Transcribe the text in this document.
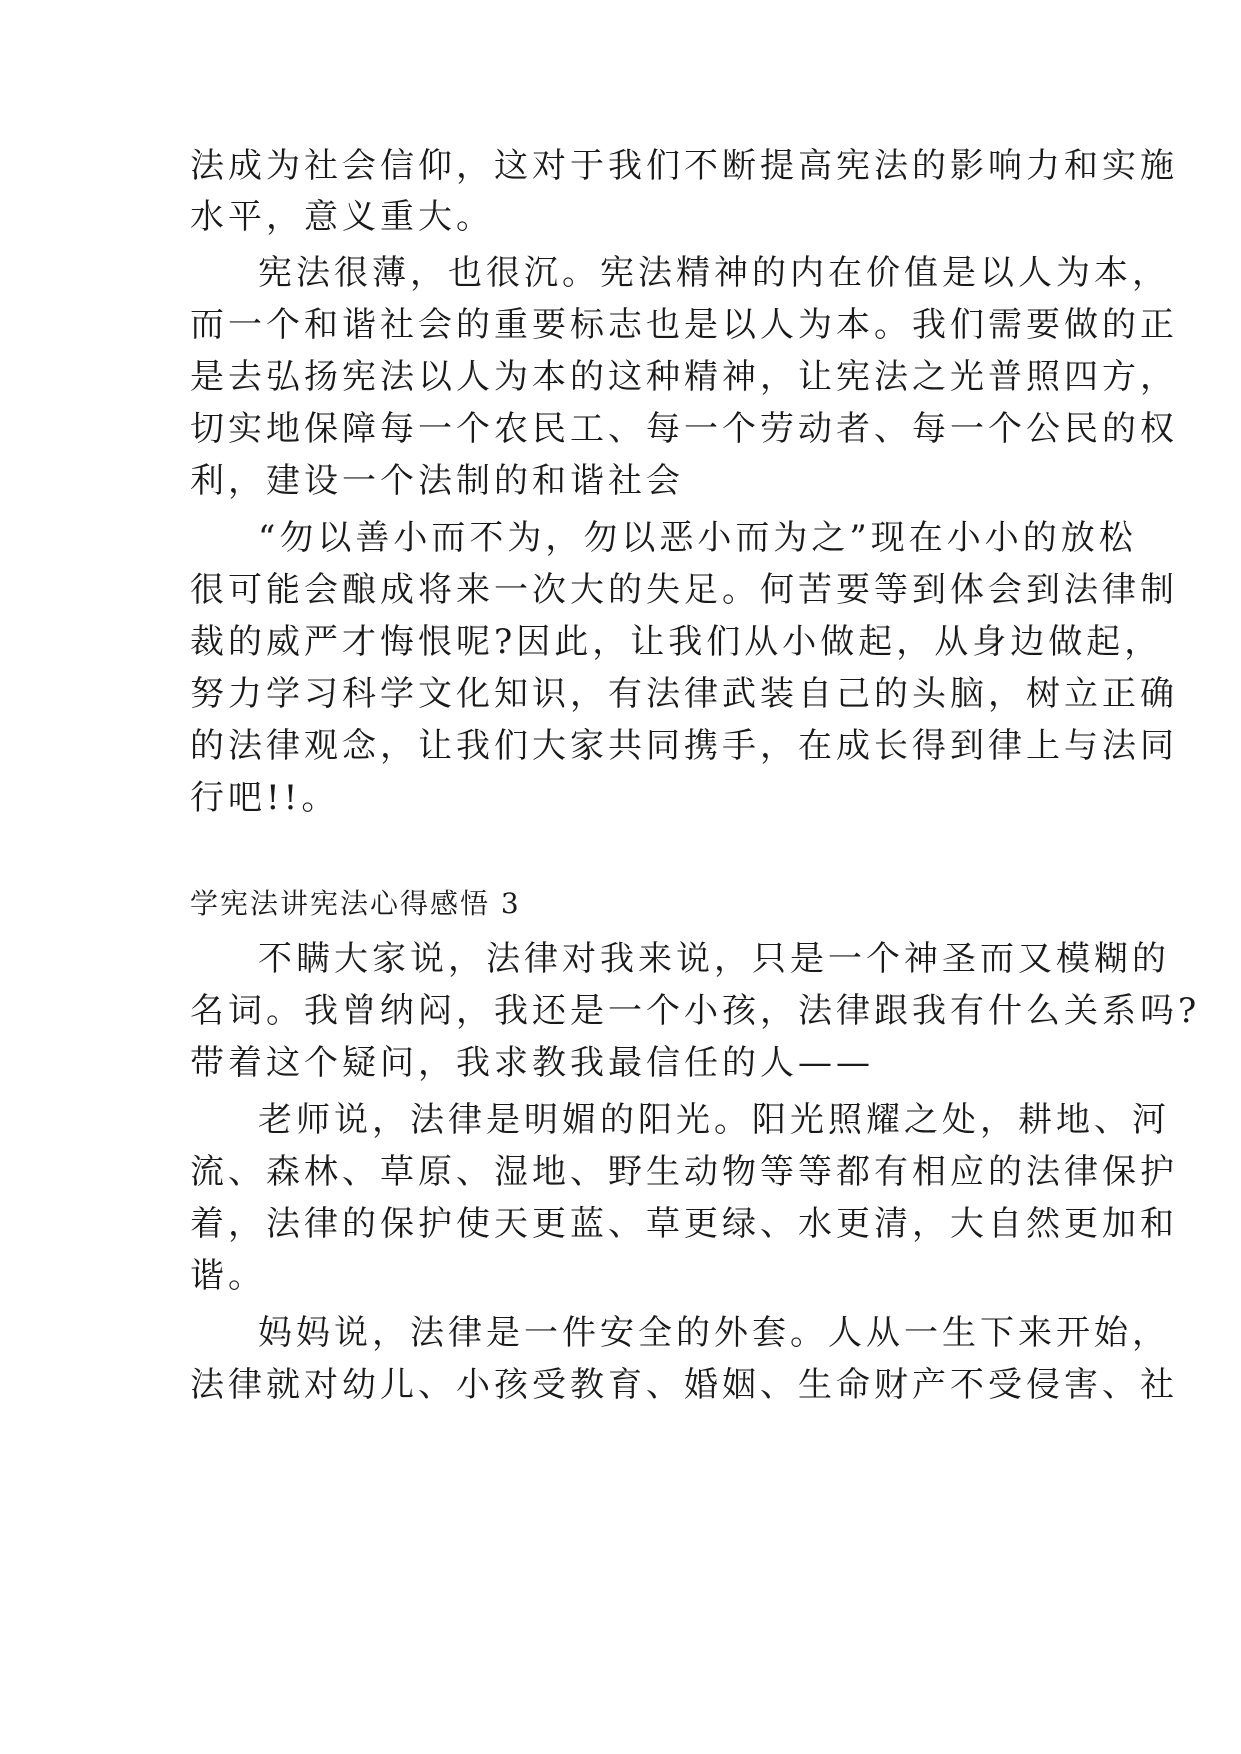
法成为社会信仰，这对于我们不断提高宪法的影响力和实施
水平，意义重大。
宪法很薄，也很沉。宪法精神的内在价值是以人为本，
而一个和谐社会的重要标志也是以人为本。我们需要做的正
是去弘扬宪法以人为本的这种精神，让宪法之光普照四方，
切实地保障每一个农民工、每一个劳动者、每一个公民的权
利，建设一个法制的和谐社会
“勿以善小而不为，勿以恶小而为之”现在小小的放松
很可能会酿成将来一次大的失足。何苦要等到体会到法律制
裁的威严才悔恨呢?因此，让我们从小做起，从身边做起，
努力学习科学文化知识，有法律武装自己的头脑，树立正确
的法律观念，让我们大家共同携手，在成长得到律上与法同
行吧!!。
学宪法讲宪法心得感悟 3
不瞒大家说，法律对我来说，只是一个神圣而又模糊的
名词。我曾纳闷，我还是一个小孩，法律跟我有什么关系吗?
带着这个疑问，我求教我最信任的人——
老师说，法律是明媚的阳光。阳光照耀之处，耕地、河
流、森林、草原、湿地、野生动物等等都有相应的法律保护
着，法律的保护使天更蓝、草更绿、水更清，大自然更加和
谐。
妈妈说，法律是一件安全的外套。人从一生下来开始，
法律就对幼儿、小孩受教育、婚姻、生命财产不受侵害、社
